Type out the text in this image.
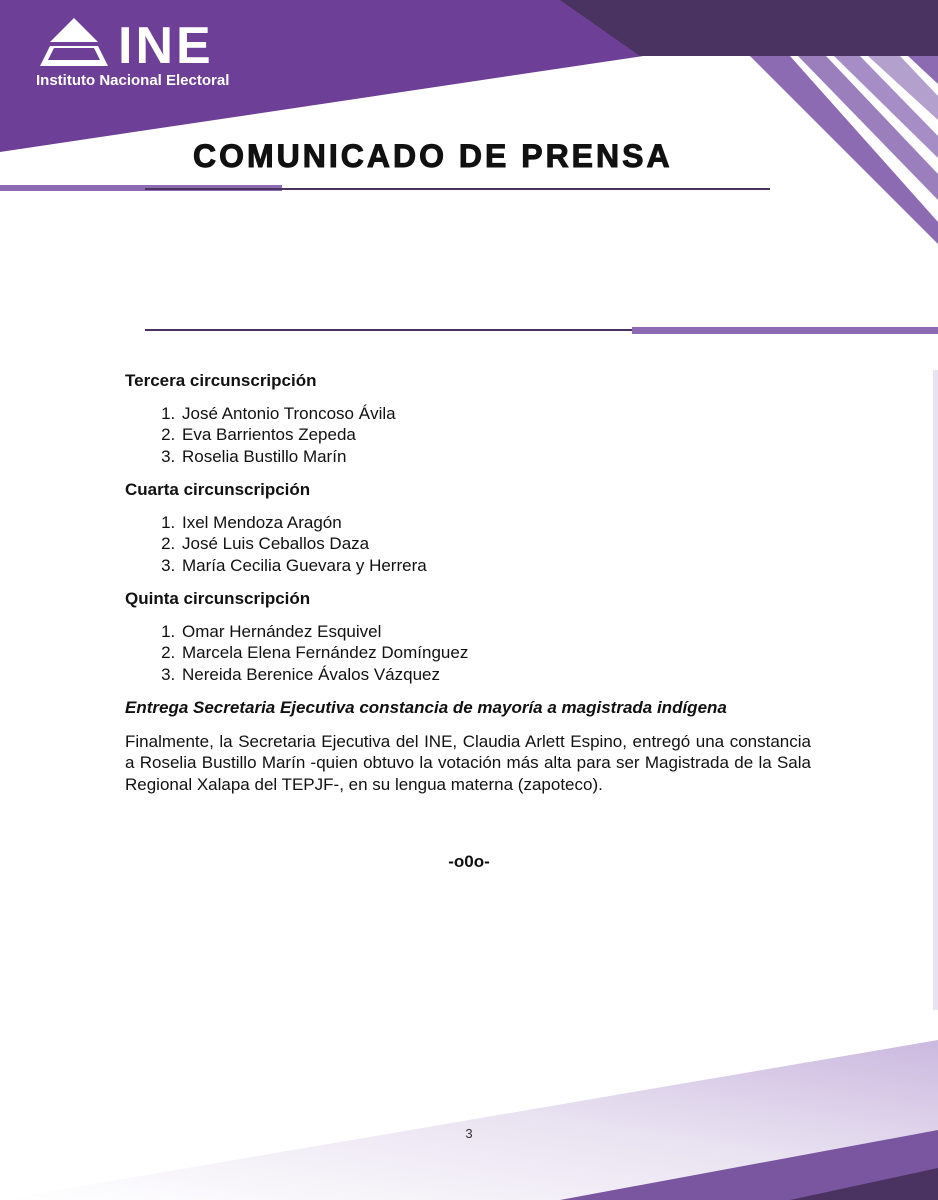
INE
Instituto Nacional Electoral
COMUNICADO DE PRENSA
Tercera circunscripción
1. José Antonio Troncoso Ávila
2. Eva Barrientos Zepeda
3. Roselia Bustillo Marín
Cuarta circunscripción
1. Ixel Mendoza Aragón
2. José Luis Ceballos Daza
3. María Cecilia Guevara y Herrera
Quinta circunscripción
1. Omar Hernández Esquivel
2. Marcela Elena Fernández Domínguez
3. Nereida Berenice Ávalos Vázquez
Entrega Secretaria Ejecutiva constancia de mayoría a magistrada indígena

Finalmente, la Secretaria Ejecutiva del INE, Claudia Arlett Espino, entregó una constancia a Roselia Bustillo Marín -quien obtuvo la votación más alta para ser Magistrada de la Sala Regional Xalapa del TEPJF-, en su lengua materna (zapoteco).

-o0o-
3
